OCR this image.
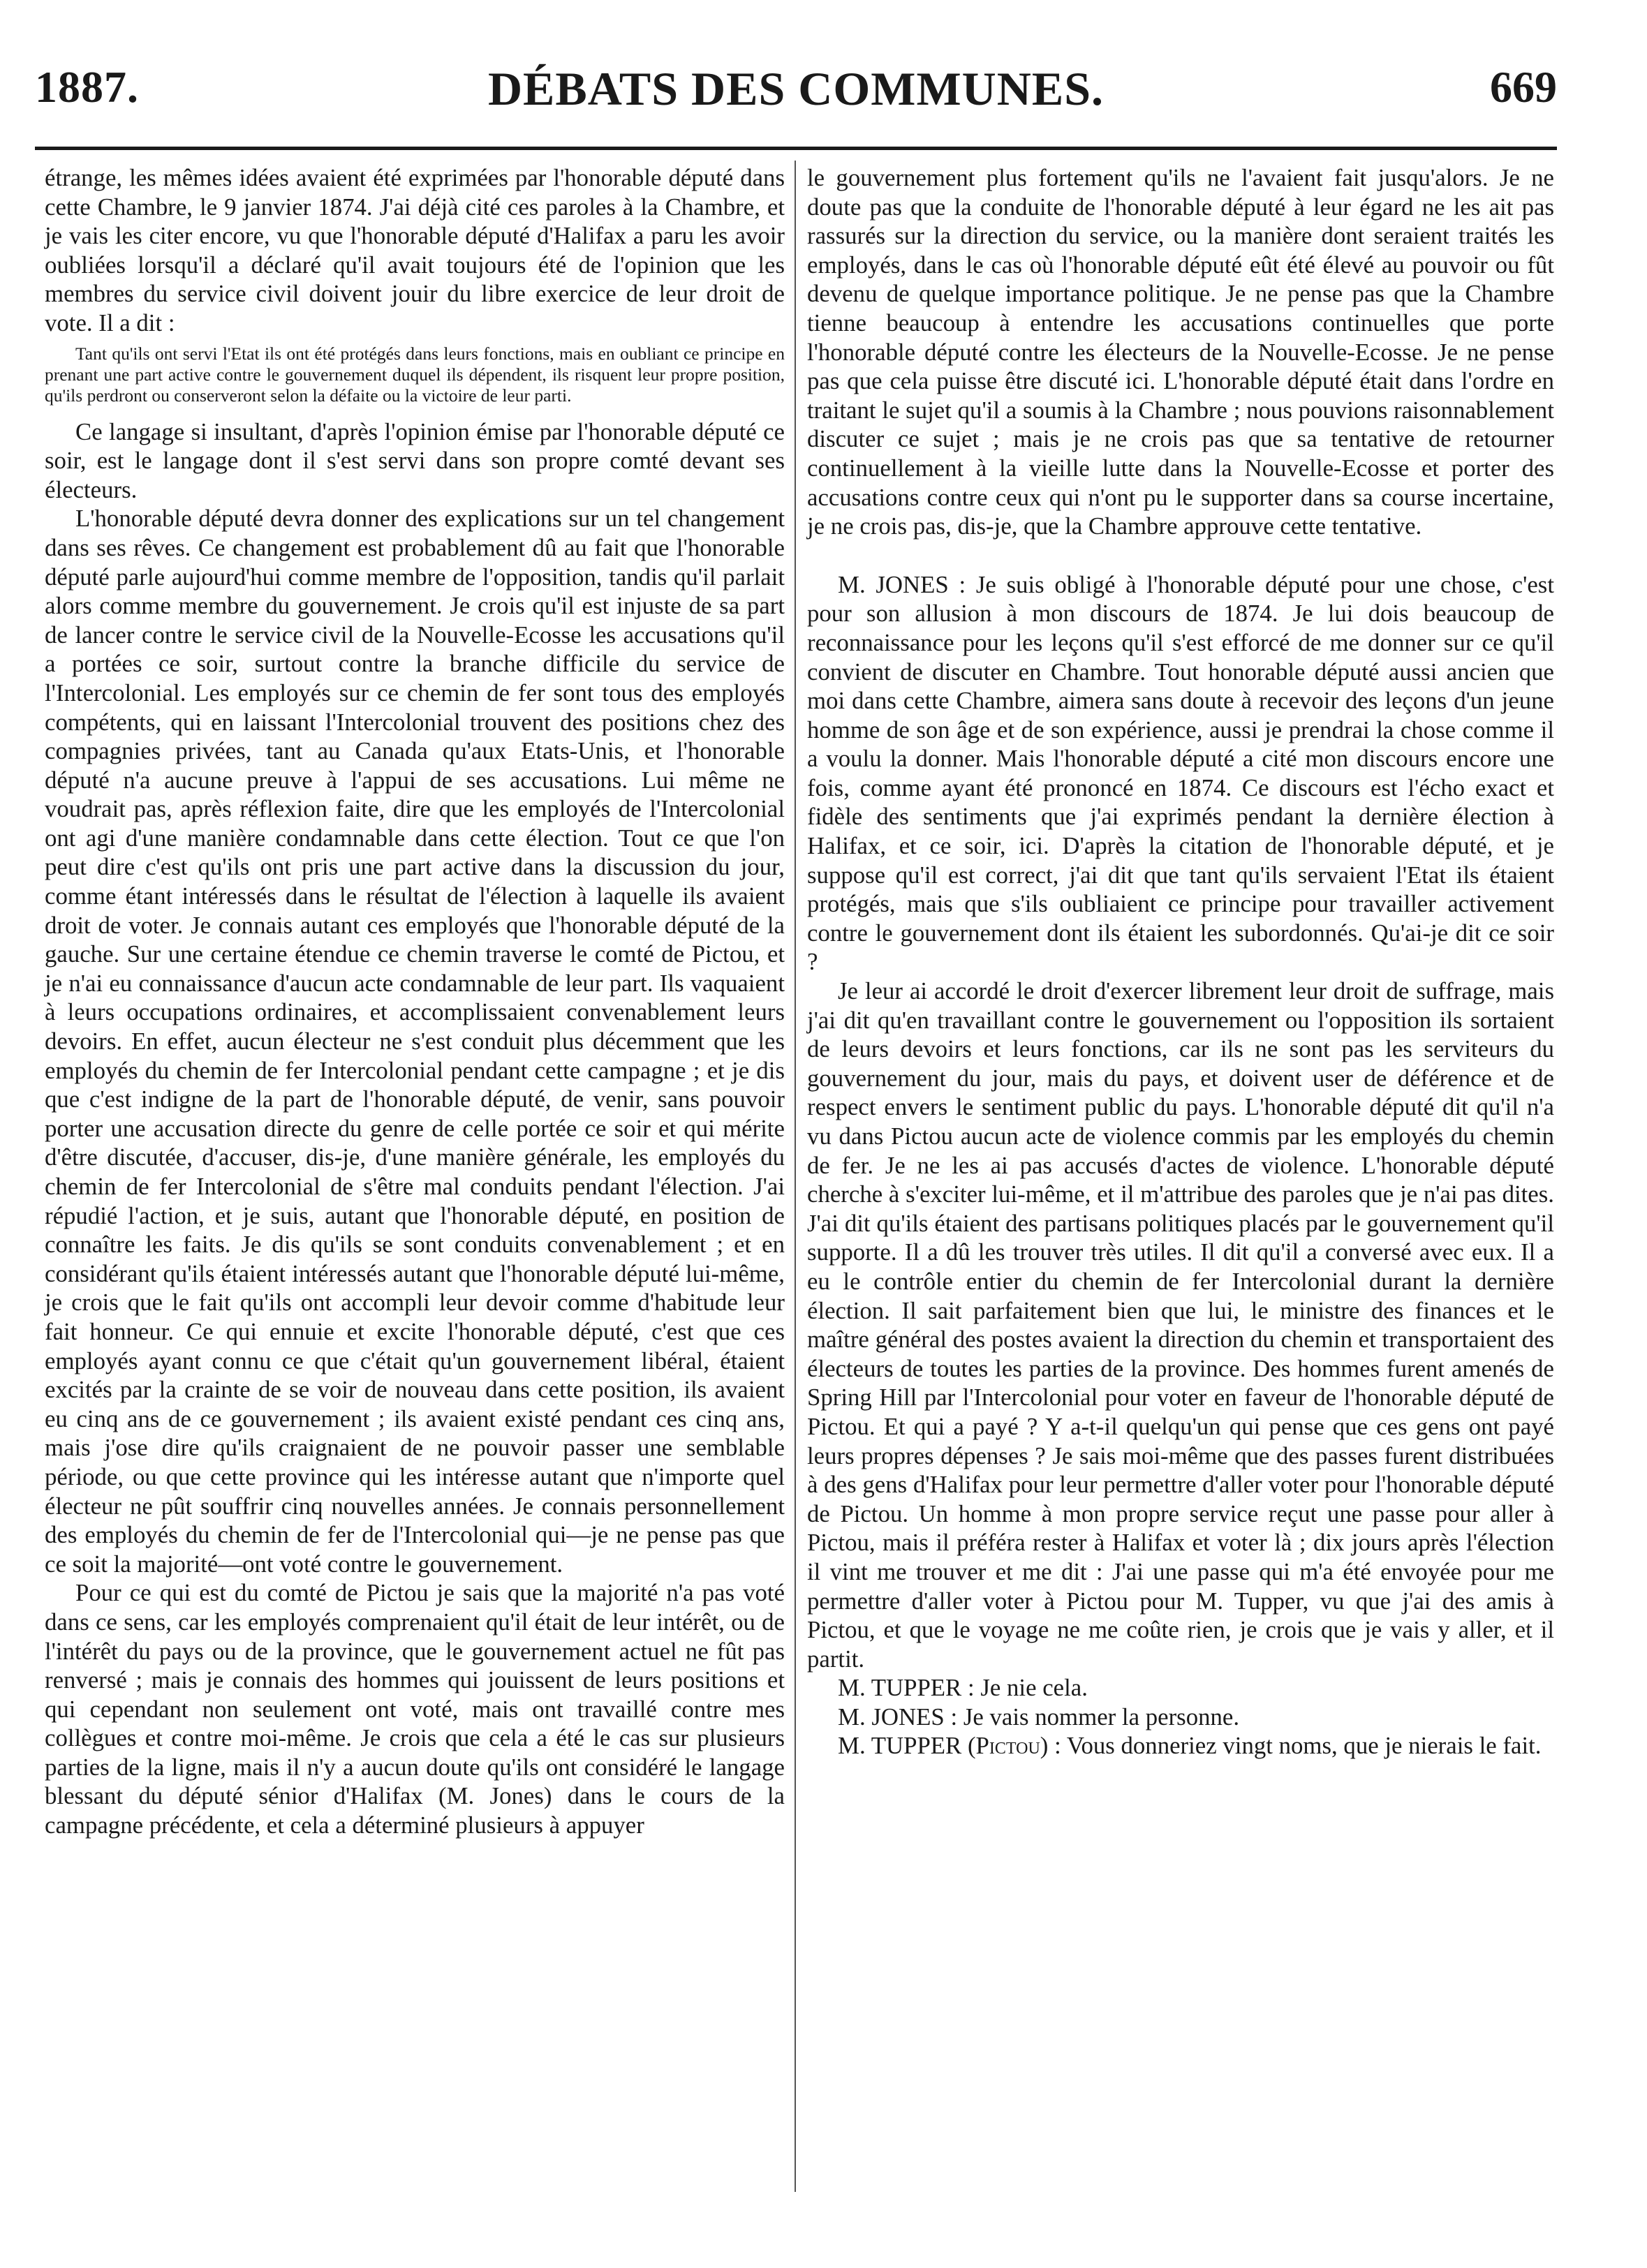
1887.	DÉBATS DES COMMUNES.	669

étrange, les mêmes idées avaient été exprimées par l'honorable député dans cette Chambre, le 9 janvier 1874. J'ai déjà cité ces paroles à la Chambre, et je vais les citer encore, vu que l'honorable député d'Halifax a paru les avoir oubliées lorsqu'il a déclaré qu'il avait toujours été de l'opinion que les membres du service civil doivent jouir du libre exercice de leur droit de vote. Il a dit :

Tant qu'ils ont servi l'Etat ils ont été protégés dans leurs fonctions, mais en oubliant ce principe en prenant une part active contre le gouvernement duquel ils dépendent, ils risquent leur propre position, qu'ils perdront ou conserveront selon la défaite ou la victoire de leur parti.

Ce langage si insultant, d'après l'opinion émise par l'honorable député ce soir, est le langage dont il s'est servi dans son propre comté devant ses électeurs.

L'honorable député devra donner des explications sur un tel changement dans ses rêves. Ce changement est probablement dû au fait que l'honorable député parle aujourd'hui comme membre de l'opposition, tandis qu'il parlait alors comme membre du gouvernement. Je crois qu'il est injuste de sa part de lancer contre le service civil de la Nouvelle-Ecosse les accusations qu'il a portées ce soir, surtout contre la branche difficile du service de l'Intercolonial. Les employés sur ce chemin de fer sont tous des employés compétents, qui en laissant l'Intercolonial trouvent des positions chez des compagnies privées, tant au Canada qu'aux Etats-Unis, et l'honorable député n'a aucune preuve à l'appui de ses accusations. Lui même ne voudrait pas, après réflexion faite, dire que les employés de l'Intercolonial ont agi d'une manière condamnable dans cette élection. Tout ce que l'on peut dire c'est qu'ils ont pris une part active dans la discussion du jour, comme étant intéressés dans le résultat de l'élection à laquelle ils avaient droit de voter. Je connais autant ces employés que l'honorable député de la gauche. Sur une certaine étendue ce chemin traverse le comté de Pictou, et je n'ai eu connaissance d'aucun acte condamnable de leur part. Ils vaquaient à leurs occupations ordinaires, et accomplissaient convenablement leurs devoirs. En effet, aucun électeur ne s'est conduit plus décemment que les employés du chemin de fer Intercolonial pendant cette campagne ; et je dis que c'est indigne de la part de l'honorable député, de venir, sans pouvoir porter une accusation directe du genre de celle portée ce soir et qui mérite d'être discutée, d'accuser, dis-je, d'une manière générale, les employés du chemin de fer Intercolonial de s'être mal conduits pendant l'élection. J'ai répudié l'action, et je suis, autant que l'honorable député, en position de connaître les faits. Je dis qu'ils se sont conduits convenablement ; et en considérant qu'ils étaient intéressés autant que l'honorable député lui-même, je crois que le fait qu'ils ont accompli leur devoir comme d'habitude leur fait honneur. Ce qui ennuie et excite l'honorable député, c'est que ces employés ayant connu ce que c'était qu'un gouvernement libéral, étaient excités par la crainte de se voir de nouveau dans cette position, ils avaient eu cinq ans de ce gouvernement ; ils avaient existé pendant ces cinq ans, mais j'ose dire qu'ils craignaient de ne pouvoir passer une semblable période, ou que cette province qui les intéresse autant que n'importe quel électeur ne pût souffrir cinq nouvelles années. Je connais personnellement des employés du chemin de fer de l'Intercolonial qui—je ne pense pas que ce soit la majorité—ont voté contre le gouvernement.

Pour ce qui est du comté de Pictou je sais que la majorité n'a pas voté dans ce sens, car les employés comprenaient qu'il était de leur intérêt, ou de l'intérêt du pays ou de la province, que le gouvernement actuel ne fût pas renversé ; mais je connais des hommes qui jouissent de leurs positions et qui cependant non seulement ont voté, mais ont travaillé contre mes collègues et contre moi-même. Je crois que cela a été le cas sur plusieurs parties de la ligne, mais il n'y a aucun doute qu'ils ont considéré le langage blessant du député sénior d'Halifax (M. Jones) dans le cours de la campagne précédente, et cela a déterminé plusieurs à appuyer

le gouvernement plus fortement qu'ils ne l'avaient fait jusqu'alors. Je ne doute pas que la conduite de l'honorable député à leur égard ne les ait pas rassurés sur la direction du service, ou la manière dont seraient traités les employés, dans le cas où l'honorable député eût été élevé au pouvoir ou fût devenu de quelque importance politique. Je ne pense pas que la Chambre tienne beaucoup à entendre les accusations continuelles que porte l'honorable député contre les électeurs de la Nouvelle-Ecosse. Je ne pense pas que cela puisse être discuté ici. L'honorable député était dans l'ordre en traitant le sujet qu'il a soumis à la Chambre ; nous pouvions raisonnablement discuter ce sujet ; mais je ne crois pas que sa tentative de retourner continuellement à la vieille lutte dans la Nouvelle-Ecosse et porter des accusations contre ceux qui n'ont pu le supporter dans sa course incertaine, je ne crois pas, dis-je, que la Chambre approuve cette tentative.

M. JONES : Je suis obligé à l'honorable député pour une chose, c'est pour son allusion à mon discours de 1874. Je lui dois beaucoup de reconnaissance pour les leçons qu'il s'est efforcé de me donner sur ce qu'il convient de discuter en Chambre. Tout honorable député aussi ancien que moi dans cette Chambre, aimera sans doute à recevoir des leçons d'un jeune homme de son âge et de son expérience, aussi je prendrai la chose comme il a voulu la donner. Mais l'honorable député a cité mon discours encore une fois, comme ayant été prononcé en 1874. Ce discours est l'écho exact et fidèle des sentiments que j'ai exprimés pendant la dernière élection à Halifax, et ce soir, ici. D'après la citation de l'honorable député, et je suppose qu'il est correct, j'ai dit que tant qu'ils servaient l'Etat ils étaient protégés, mais que s'ils oubliaient ce principe pour travailler activement contre le gouvernement dont ils étaient les subordonnés. Qu'ai-je dit ce soir ?

Je leur ai accordé le droit d'exercer librement leur droit de suffrage, mais j'ai dit qu'en travaillant contre le gouvernement ou l'opposition ils sortaient de leurs devoirs et leurs fonctions, car ils ne sont pas les serviteurs du gouvernement du jour, mais du pays, et doivent user de déférence et de respect envers le sentiment public du pays. L'honorable député dit qu'il n'a vu dans Pictou aucun acte de violence commis par les employés du chemin de fer. Je ne les ai pas accusés d'actes de violence. L'honorable député cherche à s'exciter lui-même, et il m'attribue des paroles que je n'ai pas dites. J'ai dit qu'ils étaient des partisans politiques placés par le gouvernement qu'il supporte. Il a dû les trouver très utiles. Il dit qu'il a conversé avec eux. Il a eu le contrôle entier du chemin de fer Intercolonial durant la dernière élection. Il sait parfaitement bien que lui, le ministre des finances et le maître général des postes avaient la direction du chemin et transportaient des électeurs de toutes les parties de la province. Des hommes furent amenés de Spring Hill par l'Intercolonial pour voter en faveur de l'honorable député de Pictou. Et qui a payé ? Y a-t-il quelqu'un qui pense que ces gens ont payé leurs propres dépenses ? Je sais moi-même que des passes furent distribuées à des gens d'Halifax pour leur permettre d'aller voter pour l'honorable député de Pictou. Un homme à mon propre service reçut une passe pour aller à Pictou, mais il préféra rester à Halifax et voter là ; dix jours après l'élection il vint me trouver et me dit : J'ai une passe qui m'a été envoyée pour me permettre d'aller voter à Pictou pour M. Tupper, vu que j'ai des amis à Pictou, et que le voyage ne me coûte rien, je crois que je vais y aller, et il partit.

M. TUPPER : Je nie cela.

M. JONES : Je vais nommer la personne.

M. TUPPER (Pictou) : Vous donneriez vingt noms, que je nierais le fait.
